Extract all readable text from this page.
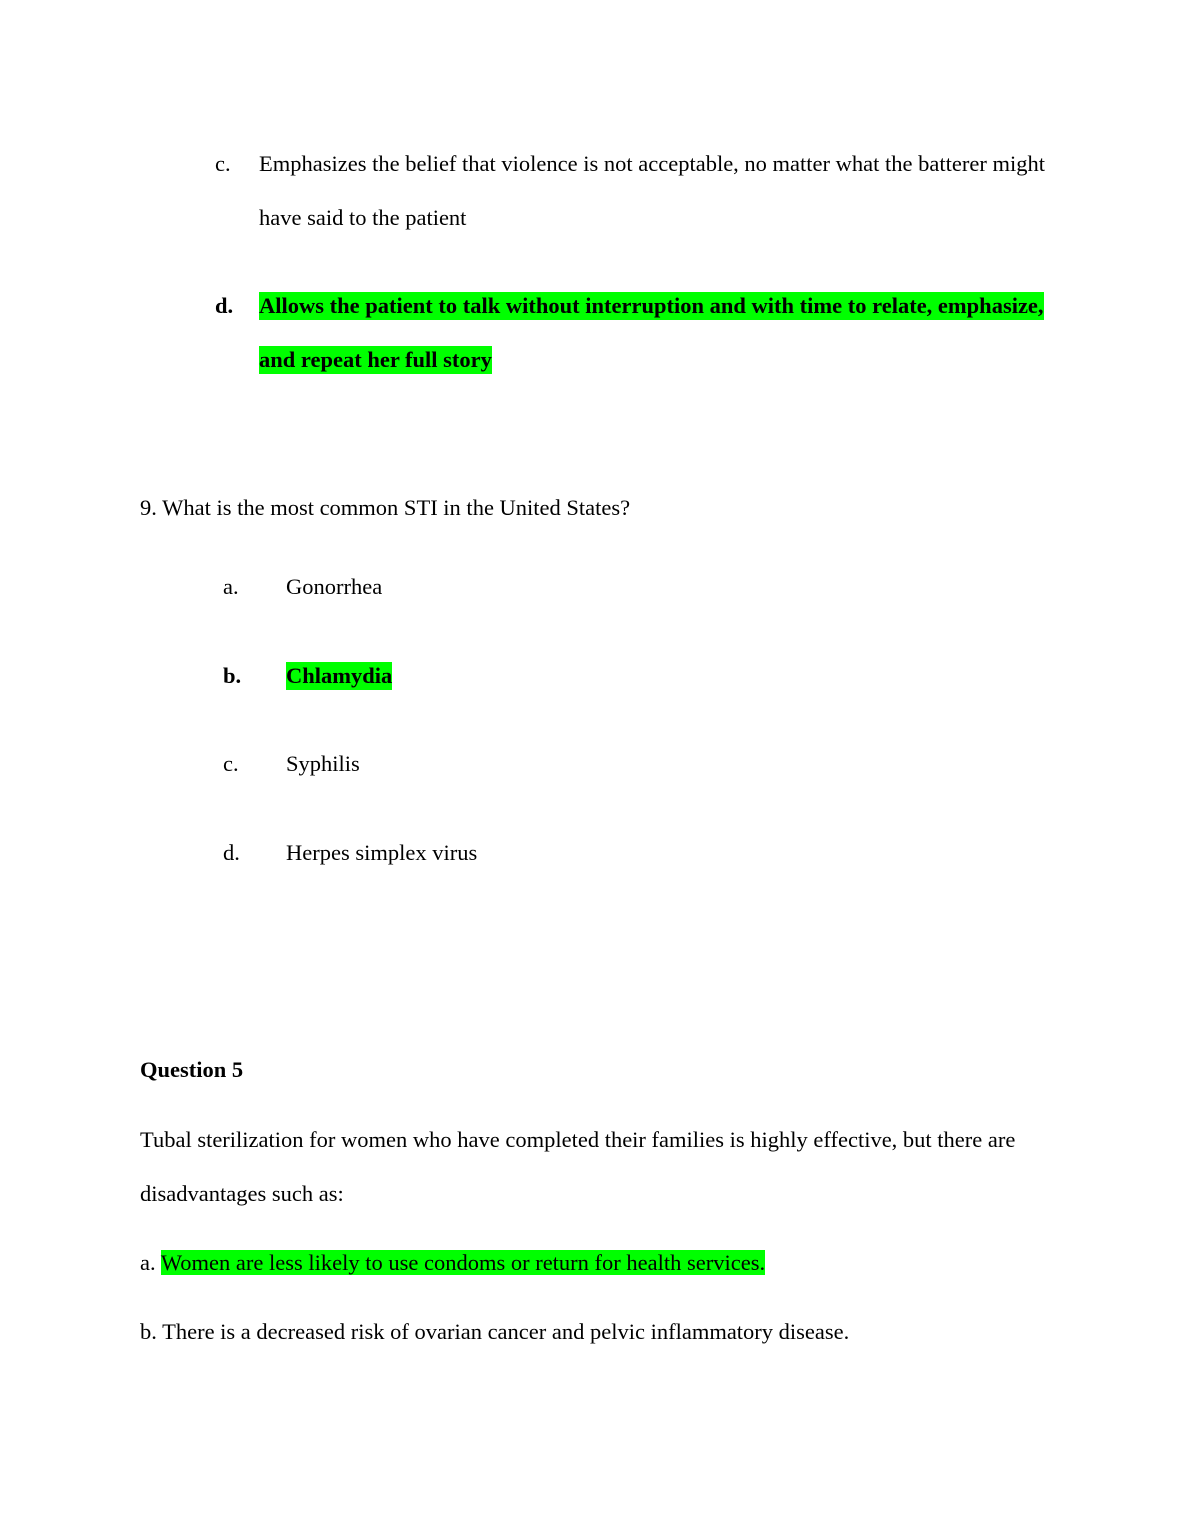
c. Emphasizes the belief that violence is not acceptable, no matter what the batterer might
have said to the patient
d. Allows the patient to talk without interruption and with time to relate, emphasize,
and repeat her full story
9. What is the most common STI in the United States?
a. Gonorrhea
b. Chlamydia
c. Syphilis
d. Herpes simplex virus
Question 5
Tubal sterilization for women who have completed their families is highly effective, but there are
disadvantages such as:
a. Women are less likely to use condoms or return for health services.
b. There is a decreased risk of ovarian cancer and pelvic inflammatory disease.
